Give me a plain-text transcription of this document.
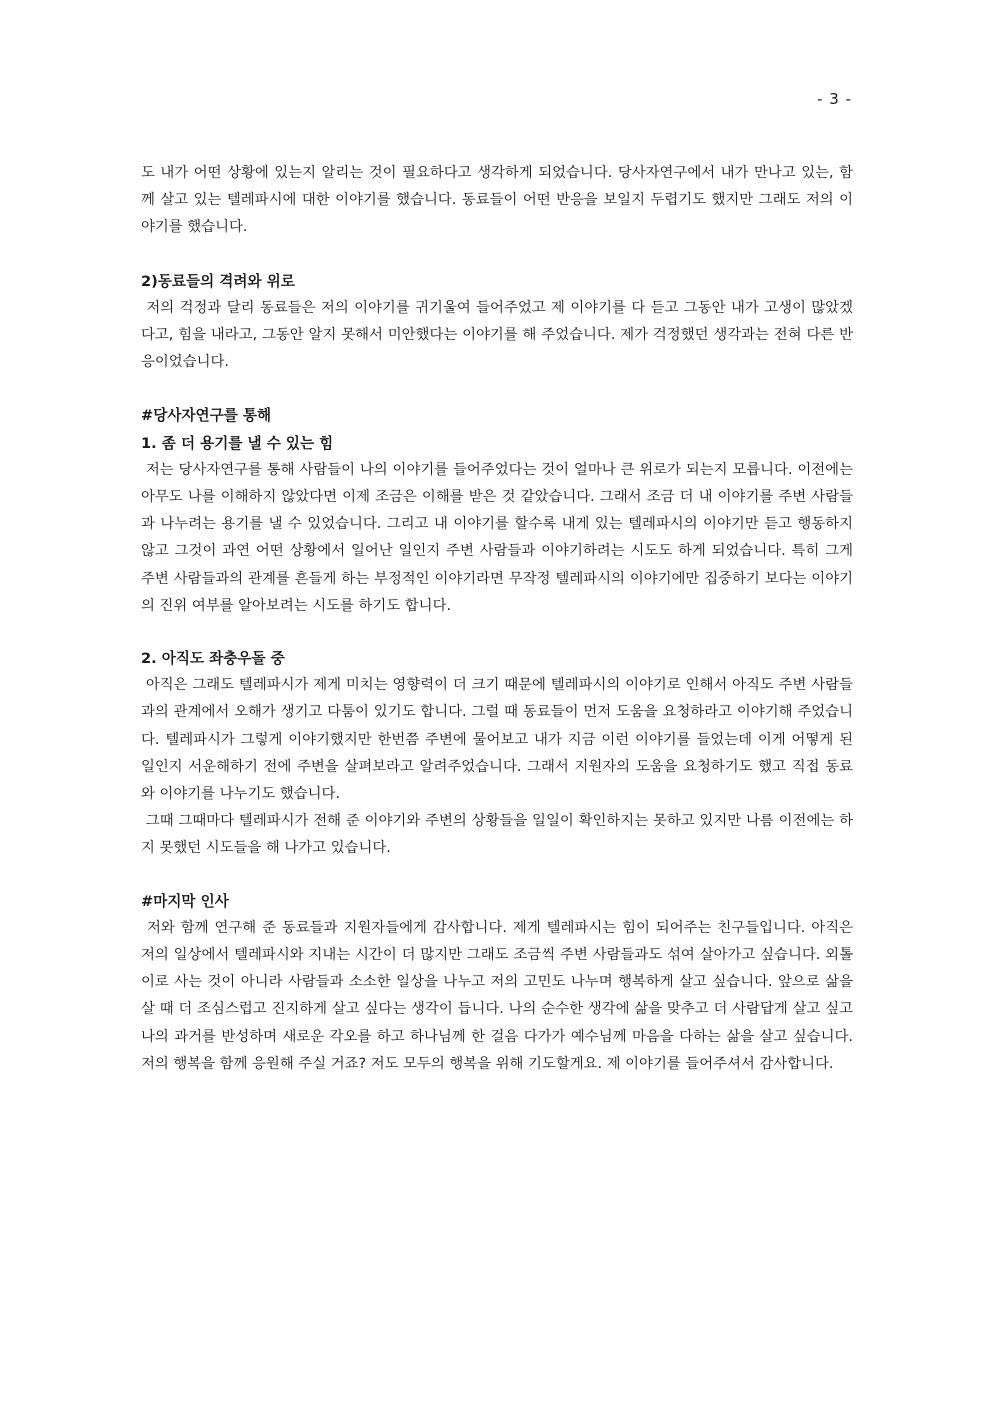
- 3 -

도 내가 어떤 상황에 있는지 알리는 것이 필요하다고 생각하게 되었습니다. 당사자연구에서 내가 만나고 있는, 함께 살고 있는 텔레파시에 대한 이야기를 했습니다. 동료들이 어떤 반응을 보일지 두렵기도 했지만 그래도 저의 이야기를 했습니다.

2)동료들의 격려와 위로

저의 걱정과 달리 동료들은 저의 이야기를 귀기울여 들어주었고 제 이야기를 다 듣고 그동안 내가 고생이 많았겠다고, 힘을 내라고, 그동안 알지 못해서 미안했다는 이야기를 해 주었습니다. 제가 걱정했던 생각과는 전혀 다른 반응이었습니다.

#당사자연구를 통해

1. 좀 더 용기를 낼 수 있는 힘

저는 당사자연구를 통해 사람들이 나의 이야기를 들어주었다는 것이 얼마나 큰 위로가 되는지 모릅니다. 이전에는 아무도 나를 이해하지 않았다면 이제 조금은 이해를 받은 것 같았습니다. 그래서 조금 더 내 이야기를 주변 사람들과 나누려는 용기를 낼 수 있었습니다. 그리고 내 이야기를 할수록 내게 있는 텔레파시의 이야기만 듣고 행동하지 않고 그것이 과연 어떤 상황에서 일어난 일인지 주변 사람들과 이야기하려는 시도도 하게 되었습니다. 특히 그게 주변 사람들과의 관계를 흔들게 하는 부정적인 이야기라면 무작정 텔레파시의 이야기에만 집중하기 보다는 이야기의 진위 여부를 알아보려는 시도를 하기도 합니다.

2. 아직도 좌충우돌 중

아직은 그래도 텔레파시가 제게 미치는 영향력이 더 크기 때문에 텔레파시의 이야기로 인해서 아직도 주변 사람들과의 관계에서 오해가 생기고 다툼이 있기도 합니다. 그럴 때 동료들이 먼저 도움을 요청하라고 이야기해 주었습니다. 텔레파시가 그렇게 이야기했지만 한번쯤 주변에 물어보고 내가 지금 이런 이야기를 들었는데 이게 어떻게 된 일인지 서운해하기 전에 주변을 살펴보라고 알려주었습니다. 그래서 지원자의 도움을 요청하기도 했고 직접 동료와 이야기를 나누기도 했습니다.

그때 그때마다 텔레파시가 전해 준 이야기와 주변의 상황들을 일일이 확인하지는 못하고 있지만 나름 이전에는 하지 못했던 시도들을 해 나가고 있습니다.

#마지막 인사

저와 함께 연구해 준 동료들과 지원자들에게 감사합니다. 제게 텔레파시는 힘이 되어주는 친구들입니다. 아직은 저의 일상에서 텔레파시와 지내는 시간이 더 많지만 그래도 조금씩 주변 사람들과도 섞여 살아가고 싶습니다. 외톨이로 사는 것이 아니라 사람들과 소소한 일상을 나누고 저의 고민도 나누며 행복하게 살고 싶습니다. 앞으로 삶을 살 때 더 조심스럽고 진지하게 살고 싶다는 생각이 듭니다. 나의 순수한 생각에 삶을 맞추고 더 사람답게 살고 싶고 나의 과거를 반성하며 새로운 각오를 하고 하나님께 한 걸음 다가가 예수님께 마음을 다하는 삶을 살고 싶습니다. 저의 행복을 함께 응원해 주실 거죠? 저도 모두의 행복을 위해 기도할게요. 제 이야기를 들어주셔서 감사합니다.
